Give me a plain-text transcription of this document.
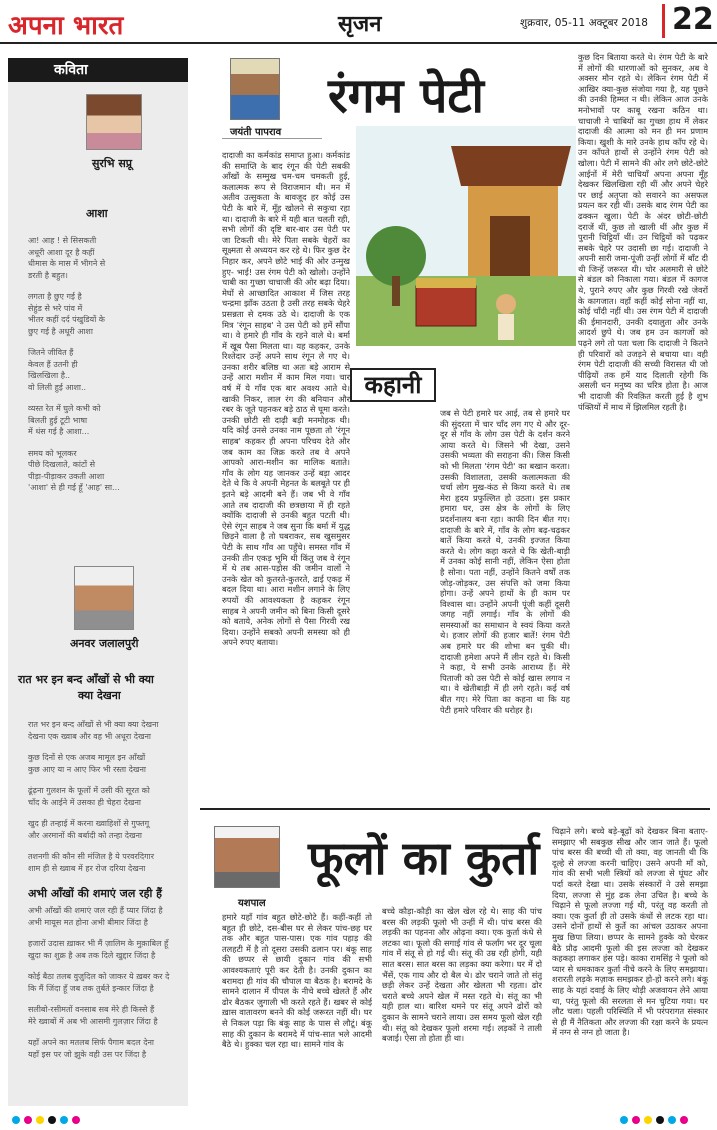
अपना भारत	सृजन	शुक्रवार, 05-11 अक्टूबर 2018 22
कविता
सुरभि सप्रू
आशा
आ! आह ! से सिसकती
अधूरी आशा दूर है कहीं
धीमास के मास में भीगने से
डरती है बहुत।
लगता है छुए गई है
सेहुंड से भरे पांव में
भीतर कहीं दर्द पंखुडियों के
छुए गई है अधूरी आशा
जितने जीवित हैं
केवल हैं उतनी ही
खिलखिला है..
वो लिली हुई आशा..
व्यस्त रेत में घुले कभी को
बिलती हुई टूटी भाषा
में धंस गई है आशा...
समय को भूलकर
पीछे दिखलाते, कांटों से
पीड़ा-पीड़ाकर उकती आशा
'आशा' से ही गई हूँ 'आह' सा...
अनवर जलालपुरी
रात भर इन बन्द आँखों से भी क्या
क्या देखना
रात भर इन बन्द आँखों से भी क्या क्या देखना
देखना एक ख्वाब और वह भी अधूरा देखना
कुछ दिनों से एक अजब मामूल इन आँखों
कुछ आए या न आए फिर भी रस्ता देखना
ढूंढ़ना गुलशन के फूलों में उसी की सूरत को
चाँद के आईने में उसका ही चेहरा देखना
खुद ही तन्हाई में करना ख्वाहिशों से गुफ्तगू
और अरमानों की बर्बादी को तन्हा देखना
तशनगी की कौन सी मंजिल है ये परवरदिगार
शाम ही से ख्वाब में हर रोज दरिया देखना
अभी आँखों की शमाएं जल रही हैं
अभी आँखों की शमाएं जल रही हैं प्यार जिंदा है
अभी मायूस मत होना अभी बीमार जिंदा है
हजारों उदास ख़ाकर भी मैं ज़ालिम के मुक़ाबिल हूँ
खुदा का शुक्र है अब तक दिले खुद्दार जिंदा है
कोई बैठा तलब वुज़ुदिल को जाकर ये ख़बर कर दे
कि मैं जिंदा हूँ जब तक तुर्बते इन्कार जिंदा है
सलीबो-रसीमतों वनसाब सब मेरे ही किस्से हैं
मेरे ख्वाबों में अब भी आसमी गुलज़ार जिंदा है
यहाँ अपने का मतलब सिर्फ पैगाम बदल देना
यहाँ इस पर जो झुके वही उस पर जिंदा है
जयंती पापराव
रंगम पेटी
कहानी
दादाजी का कर्मकांड समाप्त हुआ। कर्मकांड की समाप्ति के बाद रंगून की पेटी सबकी आँखों के सम्मुख चम-चम चमकती हुई, कलात्मक रूप से विराजमान थी। मन में अतीव उत्सुकता के बावजूद हर कोई उस पेटी के बारे में, मूँह खोलने से सकुचा रहा था। दादाजी के बारे में यही बात चलती रही, सभी लोगों की दृष्टि बार-बार उस पेटी पर जा टिकती थी। मेरे पिता सबके चेहरों का सूक्ष्मता से अध्ययन कर रहे थे। फिर कुछ देर निहार कर, अपने छोटे भाई की ओर उन्मुख हुए- भाई! उस रंगम पेटी को खोलो। उन्होंने चाबी का गुच्छा चाचाजी की ओर बढ़ा दिया। मेघों से आच्छादित आकाश में जिस तरह चन्द्रमा झाँक उठता है उसी तरह सबके चेहरे प्रसन्नता से दमक उठे थे। दादाजी के एक मित्र 'रंगून साहब' ने उस पेटी को हमें सौंपा था। वे हमारे ही गाँव के रहने वाले थे। बर्मा में खूब पैसा मिलता था। यह कहकर, उनके रिश्तेदार उन्हें अपने साथ रंगून ले गए थे। उनका शरीर बलिष्ठ था अतः बड़े आराम से उन्हें आरा मशीन में काम मिल गया। चार वर्ष में ये गाँव एक बार अवश्य आते थे। खाकी निकर, लाल रंग की बनियान और रबर के जूते पहनकर बड़े ठाठ से घूमा करते। उनकी छोटी सी दाढ़ी बड़ी मनमोहक थी। यदि कोई उनसे उनका नाम पूछता तो 'रंगून साहब' कहकर ही अपना परिचय देते और जब काम का जिक्र करते तब वे अपने आपको आरा-मशीन का मालिक बताते। गाँव के लोग यह जानकर उन्हें बड़ा आदर देते थे कि वे अपनी मेहनत के बलबूते पर ही इतने बड़े आदमी बने हैं। जब भी वे गाँव आते तब दादाजी की छत्रछाया में ही रहते क्योंकि दादाजी से उनकी बहुत पटती थी। ऐसे रंगून साहब ने जब सुना कि बर्मा में युद्ध छिड़ने वाला है तो घबराकर, सब खुसमुसर पेटी के साथ गाँव आ पहुँचे। समस्त गाँव में उनकी तीन एकड़ भूमि थी किंतु जब वे रंगून में थे तब आस-पड़ोस की जमीन वालों ने उनके खेत को कुतरते-कुतरते, ढाई एकड़ में बदल दिया था। आरा मशीन लगाने के लिए रुपयों की आवश्यकता है कहकर रंगून साहब ने अपनी जमीन को बिना किसी दूसरे को बताये, अनेक लोगों से पैसा गिरवी रख दिया। उन्होंने सबको अपनी समस्या को ही अपने रुपए बताया।
जब से पेटी हमारे घर आई, तब से हमारे घर की सुंदरता में चार चाँद लग गए थे और दूर-दूर से गाँव के लोग उस पेटी के दर्शन करने आया करते थे। जिसने भी देखा, उसने उसकी भव्यता की सराहना की। जिस किसी को भी मिलता 'रंगम पेटी' का बखान करता। उसकी विशालता, उसकी कलात्मकता की चर्चा लोग मुख-कंठ से किया करते थे। तब मेरा हृदय प्रफुल्लित हो उठता। इस प्रकार हमारा घर, उस क्षेत्र के लोगों के लिए प्रदर्शनालय बना रहा। काफी दिन बीत गए। दादाजी के बारे में, गाँव के लोग बढ़-चढ़कर बातें किया करते थे, उनकी इज्जत किया करते थे। लोग कहा करते थे कि खेती-बाड़ी में उनका कोई सानी नहीं, लेकिन ऐसा होता है सोना। पता नहीं, उन्होंने कितने वर्षों तक जोड़-जोड़कर, उस संपत्ति को जमा किया होगा। उन्हें अपने हाथों के ही काम पर विश्वास था। उन्होंने अपनी पूंजी कहीं दूसरी जगह नहीं लगाई। गाँव के लोगों की समस्याओं का समाधान वे स्वयं किया करते थे। हजार लोगों की हजार बातें! रंगम पेटी अब हमारे घर की शोभा बन चुकी थी। दादाजी हमेशा अपने मैं लीन रहते थे। किसी ने कहा, ये सभी उनके आराध्य हैं। मेरे पिताजी को उस पेटी से कोई खास लगाव न था। वे खेतीबाड़ी में ही लगे रहते। कई वर्ष बीत गए। मेरे पिता का कहना था कि यह पेटी हमारे परिवार की धरोहर है।
कुछ दिन बिताया करते थे। रंगम पेटी के बारे में लोगों की धारणाओं को सुनकर, अब वे अक्सर मौन रहते थे। लेकिन रंगम पेटी में आखिर क्या-कुछ संजोया गया है, यह पूछने की उनकी हिम्मत न थी। लेकिन आज उनके मनोभावों पर काबू रखना कठिन था। चाचाजी ने चाबियों का गुच्छा हाथ में लेकर दादाजी की आत्मा को मन ही मन प्रणाम किया। खुशी के मारे उनके हाथ काँप रहे थे। उन काँपते हाथों से उन्होंने रंगम पेटी को खोला। पेटी में सामने की ओर लगे छोटे-छोटे आईनों में मेरी चाचियाँ अपना अपना मूँह देखकर खिलखिला रही थीं और अपने चेहरे पर छाई अतृप्ता को सवारने का असफल प्रयत्न कर रही थीं। उसके बाद रंगम पेटी का ढक्कन खुला। पेटी के अंदर छोटी-छोटी दराजें थीं, कुछ तो खाली थीं और कुछ में पुरानी चिट्ठियाँ थीं। उन चिट्ठियों को पढ़कर सबके चेहरे पर उदासी छा गई। दादाजी ने अपनी सारी जमा-पूंजी उन्हीं लोगों में बाँट दी थी जिन्हें जरूरत थी। चोर अलमारी से छोटे से बंडल को निकाला गया। बंडल में कागज थे, पुराने रुपए और कुछ गिरवी रखे जेवरों के कागजात। वहाँ कहीं कोई सोना नहीं था, कोई चाँदी नहीं थी। उस रंगम पेटी में दादाजी की ईमानदारी, उनकी दयालुता और उनके आदर्श छुपे थे। जब हम उन कागजों को पढ़ने लगे तो पता चला कि दादाजी ने कितने ही परिवारों को उजड़ने से बचाया था। वही रंगम पेटी दादाजी की सच्ची विरासत थी जो पीढ़ियों तक हमें याद दिलाती रहेगी कि असली धन मनुष्य का चरित्र होता है। आज भी दादाजी की रिवक़ित करती हुई है शुभ पंक्तियों में माथ में झिलमिल रहती है।
यशपाल
फूलों का कुर्ता
हमारे यहाँ गांव बहुत छोटे-छोटे हैं। कहीं-कहीं तो बहुत ही छोटे, दस-बीस घर से लेकर पांच-छह घर तक और बहुत पास-पास। एक गांव पहाड़ की तलहटी में है तो दूसरा उसकी ढलान पर। बंकू साह की छप्पर से छायी दुकान गांव की सभी आवश्यकताएं पूरी कर देती है। उनकी दुकान का बरामदा ही गांव की चौपाल या बैठक है। बरामदे के सामने दालान में पीपल के नीचे बच्चे खेलते हैं और ढोर बैठकर जुगाली भी करते रहते हैं। खबर से कोई ख़ास वातावरण बनने की कोई जरूरत नहीं थी। घर से निकल पड़ा कि बंकू साह के पास से लौटूं। बंकू साह की दुकान के बरामदे में पांच-सात भले आदमी बैठे थे। हुक्का चल रहा था। सामने गांव के
बच्चे कौड़ा-कौड़ी का खेल खेल रहे थे। साह की पांच बरस की लड़की फूलो भी उन्हीं में थी। पांच बरस की लड़की का पहनना और ओढ़ना क्या। एक कुर्ता कंधे से लटका था। फूलो की सगाई गांव से फर्लांग भर दूर चूला गांव में संतू से हो गई थी। संतू की उम्र रही होगी, यही सात बरस। सात बरस का लड़का क्या करेगा। घर में दो भैंसें, एक गाय और दो बैल थे। ढोर चराने जाते तो संतू छड़ी लेकर उन्हें देखता और खेलता भी रहता। ढोर चराते बच्चे अपने खेल में मस्त रहते थे। संतू का भी यही हाल था। बारिश थमने पर संतू अपने ढोरों को दुकान के सामने चराने लाया। उस समय फूलो खेल रही थी। संतू को देखकर फूलो शरमा गई। लड़कों ने ताली बजाई। ऐसा तो होता ही था।
चिढ़ाने लगे। बच्चे बड़े-बूढ़ों को देखकर बिना बताए-समझाए भी सबकुछ सीख और जान जाते हैं। फूलो पांच बरस की बच्ची थी तो क्या, वह जानती थी कि दूल्हे से लज्जा करनी चाहिए। उसने अपनी माँ को, गांव की सभी भली स्त्रियों को लज्जा से घूंघट और पर्दा करते देखा था। उसके संस्कारों ने उसे समझा दिया, लज्जा से मुंह ढक लेना उचित है। बच्चे के चिढ़ाने से फूलो लज्जा गई थी, परंतु वह करती तो क्या। एक कुर्ता ही तो उसके कंधों से लटक रहा था। उसने दोनों हाथों से कुर्ते का आंचल उठाकर अपना मुख छिपा लिया। छप्पर के सामने हुक्के को घेरकर बैठे प्रौढ़ आदमी फूलो की इस लज्जा को देखकर कहकहा लगाकर हंस पड़े। काका रामसिंह ने फूलो को प्यार से धमकाकर कुर्ता नीचे करने के लिए समझाया। शरारती लड़के मज़ाक समझकर हो-हो करने लगे। बंकू साह के यहां दवाई के लिए थोड़ी अजवायन लेने आया था, परंतु फूलो की सरलता से मन चुटिया गया। घर लौट चला। पहली परिस्थिति में भी परंपरागत संस्कार से ही मैं नैतिकता और लज्जा की रक्षा करने के प्रयत्न में नग्न से नग्न हो जाता है।
